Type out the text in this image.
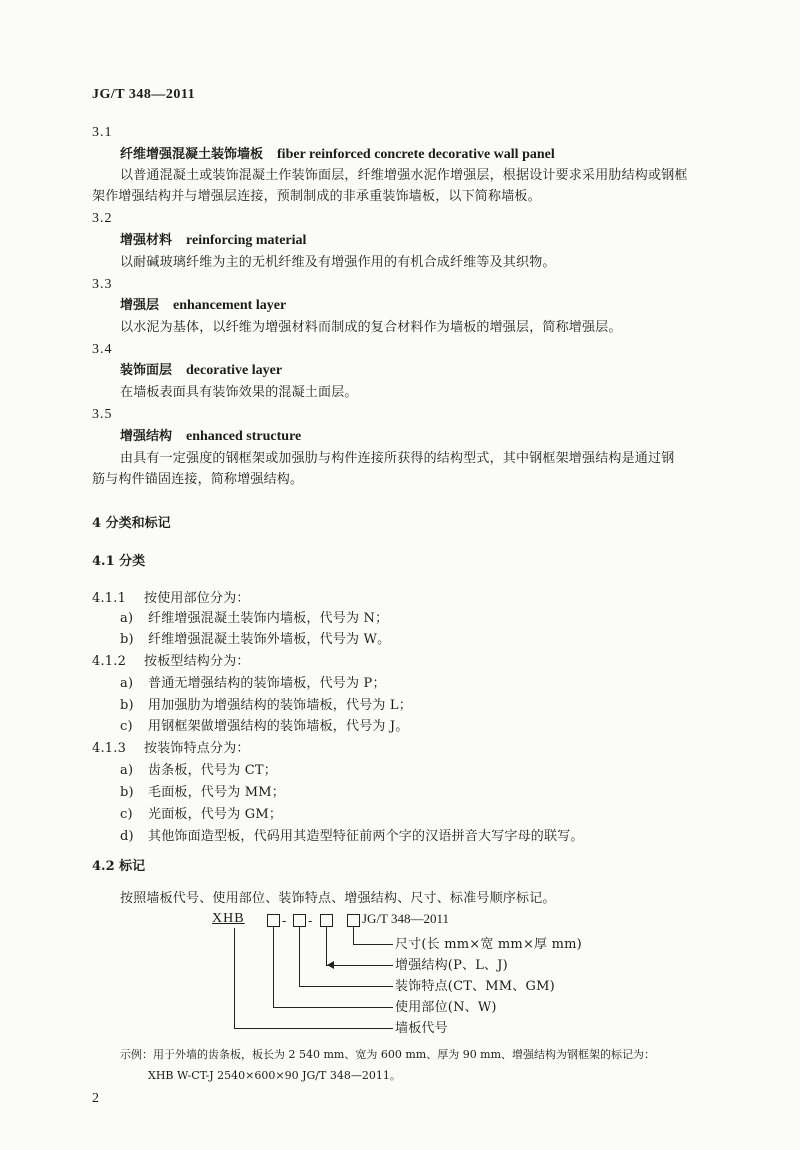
JG/T 348—2011
3.1
纤维增强混凝土装饰墙板 fiber reinforced concrete decorative wall panel
以普通混凝土或装饰混凝土作装饰面层，纤维增强水泥作增强层，根据设计要求采用肋结构或钢框
架作增强结构并与增强层连接，预制制成的非承重装饰墙板，以下简称墙板。
3.2
增强材料 reinforcing material
以耐碱玻璃纤维为主的无机纤维及有增强作用的有机合成纤维等及其织物。
3.3
增强层 enhancement layer
以水泥为基体，以纤维为增强材料而制成的复合材料作为墙板的增强层，简称增强层。
3.4
装饰面层 decorative layer
在墙板表面具有装饰效果的混凝土面层。
3.5
增强结构 enhanced structure
由具有一定强度的钢框架或加强肋与构件连接所获得的结构型式，其中钢框架增强结构是通过钢
筋与构件锚固连接，简称增强结构。
4 分类和标记
4.1 分类
4.1.1 按使用部位分为：
a) 纤维增强混凝土装饰内墙板，代号为 N；
b) 纤维增强混凝土装饰外墙板，代号为 W。
4.1.2 按板型结构分为：
a) 普通无增强结构的装饰墙板，代号为 P；
b) 用加强肋为增强结构的装饰墙板，代号为 L；
c) 用钢框架做增强结构的装饰墙板，代号为 J。
4.1.3 按装饰特点分为：
a) 齿条板，代号为 CT；
b) 毛面板，代号为 MM；
c) 光面板，代号为 GM；
d) 其他饰面造型板，代码用其造型特征前两个字的汉语拼音大写字母的联写。
4.2 标记
按照墙板代号、使用部位、装饰特点、增强结构、尺寸、标准号顺序标记。
XHB	- -	JG/T 348—2011
尺寸(长 mm×宽 mm×厚 mm)
增强结构(P、L、J)
装饰特点(CT、MM、GM)
使用部位(N、W)
墙板代号
示例：用于外墙的齿条板，板长为 2 540 mm、宽为 600 mm、厚为 90 mm、增强结构为钢框架的标记为：
XHB W-CT-J 2540×600×90 JG/T 348—2011。
2
